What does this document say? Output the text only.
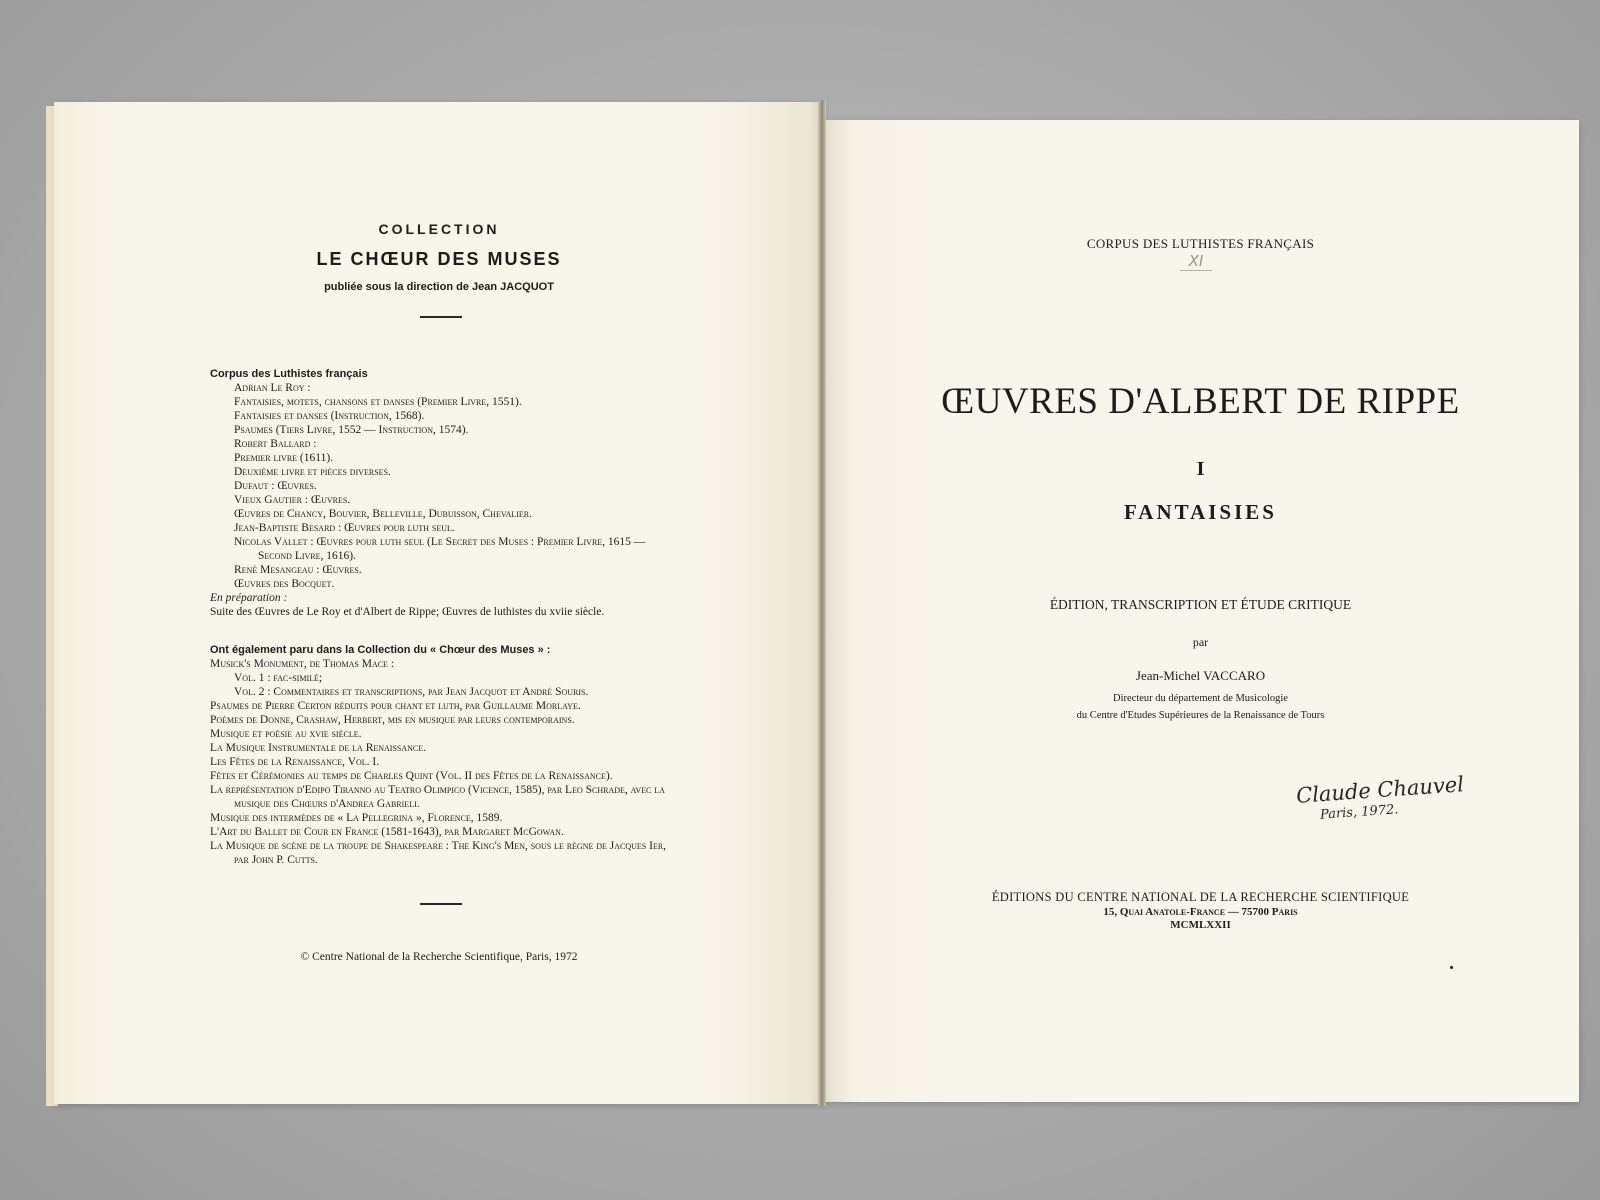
COLLECTION
LE CHŒUR DES MUSES
publiée sous la direction de Jean JACQUOT
Corpus des Luthistes français
Adrian Le Roy :
Fantaisies, motets, chansons et danses (Premier Livre, 1551).
Fantaisies et danses (Instruction, 1568).
Psaumes (Tiers Livre, 1552 — Instruction, 1574).
Robert Ballard :
Premier livre (1611).
Deuxième livre et pièces diverses.
Dufaut : Œuvres.
Vieux Gautier : Œuvres.
Œuvres de Chancy, Bouvier, Belleville, Dubuisson, Chevalier.
Jean-Baptiste Besard : Œuvres pour luth seul.
Nicolas Vallet : Œuvres pour luth seul (Le Secret des Muses : Premier Livre, 1615 — Second Livre, 1616).
René Mesangeau : Œuvres.
Œuvres des Bocquet.
En préparation :
Suite des Œuvres de Le Roy et d'Albert de Rippe; Œuvres de luthistes du xviie siècle.
Ont également paru dans la Collection du « Chœur des Muses » :
Musick's Monument, de Thomas Mace :
Vol. 1 : fac-similé;
Vol. 2 : Commentaires et transcriptions, par Jean Jacquot et André Souris.
Psaumes de Pierre Certon réduits pour chant et luth, par Guillaume Morlaye.
Poèmes de Donne, Crashaw, Herbert, mis en musique par leurs contemporains.
Musique et poésie au xvie siècle.
La Musique Instrumentale de la Renaissance.
Les Fêtes de la Renaissance, Vol. I.
Fêtes et Cérémonies au temps de Charles Quint (Vol. II des Fêtes de la Renaissance).
La représentation d'Edipo Tiranno au Teatro Olimpico (Vicence, 1585), par Leo Schrade, avec la musique des Chœurs d'Andrea Gabrieli.
Musique des intermèdes de « La Pellegrina », Florence, 1589.
L'Art du Ballet de Cour en France (1581-1643), par Margaret McGowan.
La Musique de scène de la troupe de Shakespeare : The King's Men, sous le règne de Jacques Ier, par John P. Cutts.
© Centre National de la Recherche Scientifique, Paris, 1972
CORPUS DES LUTHISTES FRANÇAIS
XI
ŒUVRES D'ALBERT DE RIPPE
I
FANTAISIES
ÉDITION, TRANSCRIPTION ET ÉTUDE CRITIQUE
par
Jean-Michel VACCARO
Directeur du département de Musicologie
du Centre d'Etudes Supérieures de la Renaissance de Tours
Claude Chauvel
Paris, 1972.
ÉDITIONS DU CENTRE NATIONAL DE LA RECHERCHE SCIENTIFIQUE
15, Quai Anatole-France — 75700 Paris
MCMLXXII
